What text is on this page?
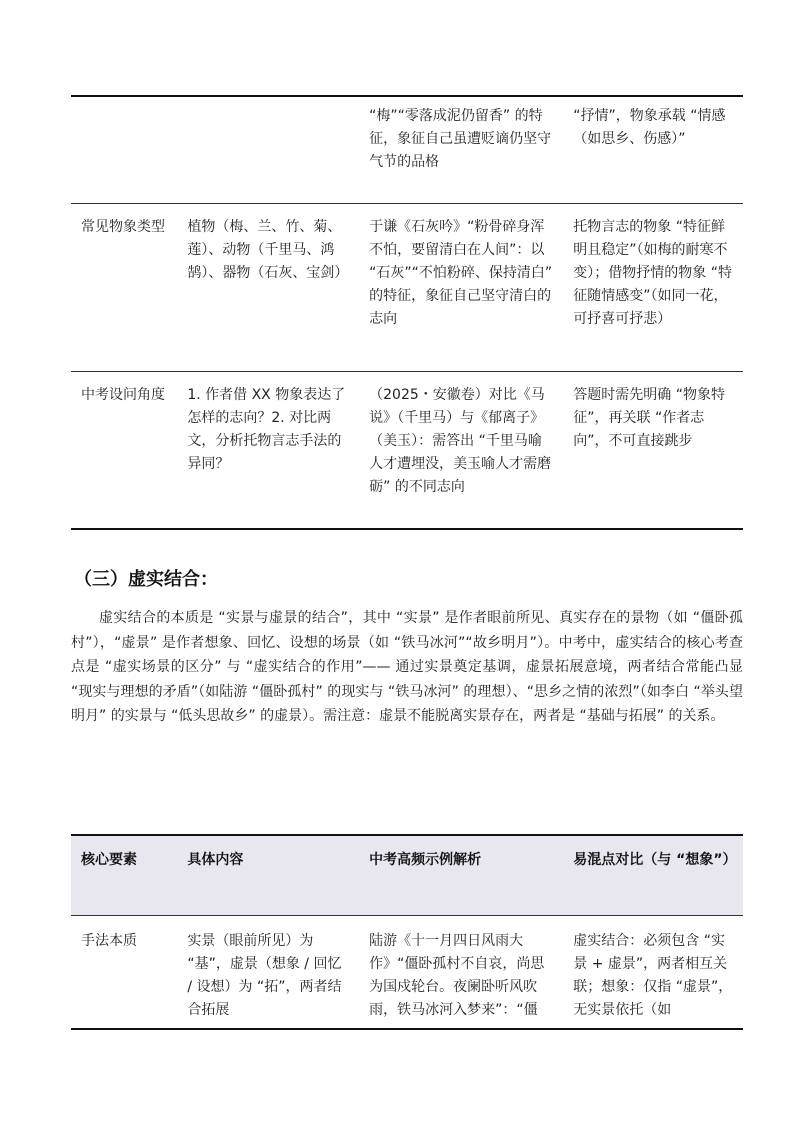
		“梅”“零落成泥仍留香” 的特征，象征自己虽遭贬谪仍坚守气节的品格	“抒情”，物象承载 “情感（如思乡、伤感）”
常见物象类型	植物（梅、兰、竹、菊、莲）、动物（千里马、鸿鹄）、器物（石灰、宝剑）	于谦《石灰吟》“粉骨碎身浑不怕，要留清白在人间”：以 “石灰”“不怕粉碎、保持清白” 的特征，象征自己坚守清白的志向	托物言志的物象 “特征鲜明且稳定”（如梅的耐寒不变）；借物抒情的物象 “特征随情感变”（如同一花，可抒喜可抒悲）
中考设问角度	1. 作者借 XX 物象表达了怎样的志向？2. 对比两文，分析托物言志手法的异同？	（2025・安徽卷）对比《马说》（千里马）与《郁离子》（美玉）：需答出 “千里马喻人才遭埋没，美玉喻人才需磨砺” 的不同志向	答题时需先明确 “物象特征”，再关联 “作者志向”，不可直接跳步
（三）虚实结合：

虚实结合的本质是 “实景与虚景的结合”，其中 “实景” 是作者眼前所见、真实存在的景物（如 “僵卧孤村”），“虚景” 是作者想象、回忆、设想的场景（如 “铁马冰河”“故乡明月”）。中考中，虚实结合的核心考查点是 “虚实场景的区分” 与 “虚实结合的作用”—— 通过实景奠定基调，虚景拓展意境，两者结合常能凸显 “现实与理想的矛盾”（如陆游 “僵卧孤村” 的现实与 “铁马冰河” 的理想）、“思乡之情的浓烈”（如李白 “举头望明月” 的实景与 “低头思故乡” 的虚景）。需注意：虚景不能脱离实景存在，两者是 “基础与拓展” 的关系。

核心要素	具体内容	中考高频示例解析	易混点对比（与 “想象”）
手法本质	实景（眼前所见）为 “基”，虚景（想象 / 回忆 / 设想）为 “拓”，两者结合拓展	陆游《十一月四日风雨大作》“僵卧孤村不自哀，尚思为国戍轮台。夜阑卧听风吹雨，铁马冰河入梦来”：“僵	虚实结合：必须包含 “实景 + 虚景”，两者相互关联；想象：仅指 “虚景”，无实景依托（如
